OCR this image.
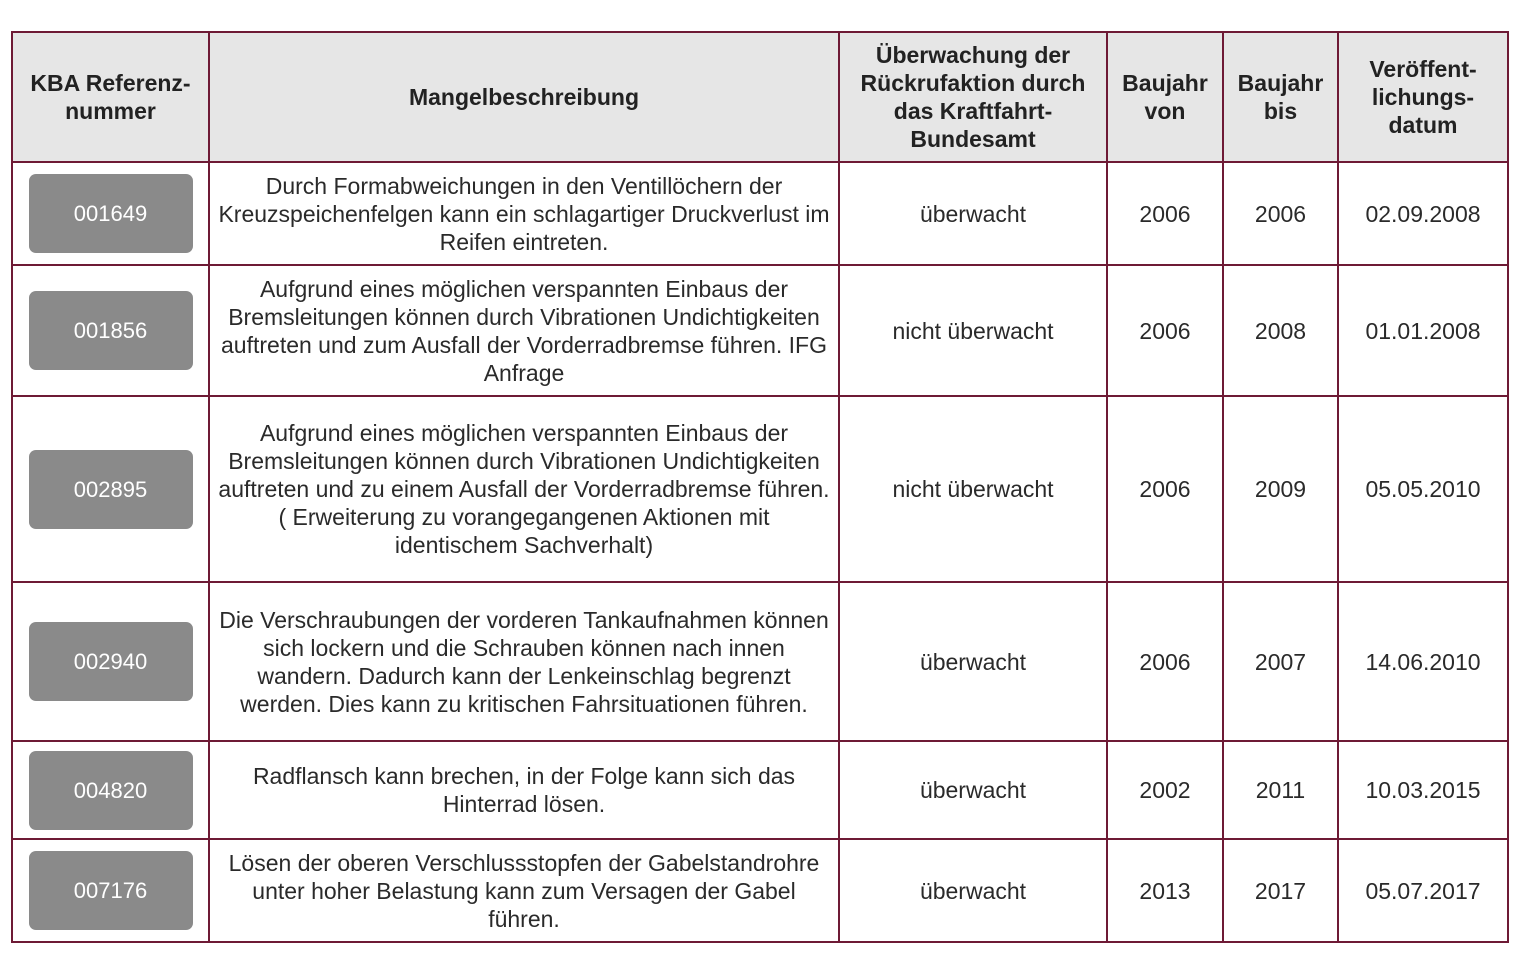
KBA Referenz-nummer	Mangelbeschreibung	Überwachung der Rückrufaktion durch das Kraftfahrt-Bundesamt	Baujahr von	Baujahr bis	Veröffent-lichungs-datum

001649	Durch Formabweichungen in den Ventillöchern der Kreuzspeichenfelgen kann ein schlagartiger Druckverlust im Reifen eintreten.	überwacht	2006	2006	02.09.2008

001856	Aufgrund eines möglichen verspannten Einbaus der Bremsleitungen können durch Vibrationen Undichtigkeiten auftreten und zum Ausfall der Vorderradbremse führen. IFG Anfrage	nicht überwacht	2006	2008	01.01.2008

002895	Aufgrund eines möglichen verspannten Einbaus der Bremsleitungen können durch Vibrationen Undichtigkeiten auftreten und zu einem Ausfall der Vorderradbremse führen. ( Erweiterung zu vorangegangenen Aktionen mit identischem Sachverhalt)	nicht überwacht	2006	2009	05.05.2010

002940	Die Verschraubungen der vorderen Tankaufnahmen können sich lockern und die Schrauben können nach innen wandern. Dadurch kann der Lenkeinschlag begrenzt werden. Dies kann zu kritischen Fahrsituationen führen.	überwacht	2006	2007	14.06.2010

004820	Radflansch kann brechen, in der Folge kann sich das Hinterrad lösen.	überwacht	2002	2011	10.03.2015

007176	Lösen der oberen Verschlussstopfen der Gabelstandrohre unter hoher Belastung kann zum Versagen der Gabel führen.	überwacht	2013	2017	05.07.2017
